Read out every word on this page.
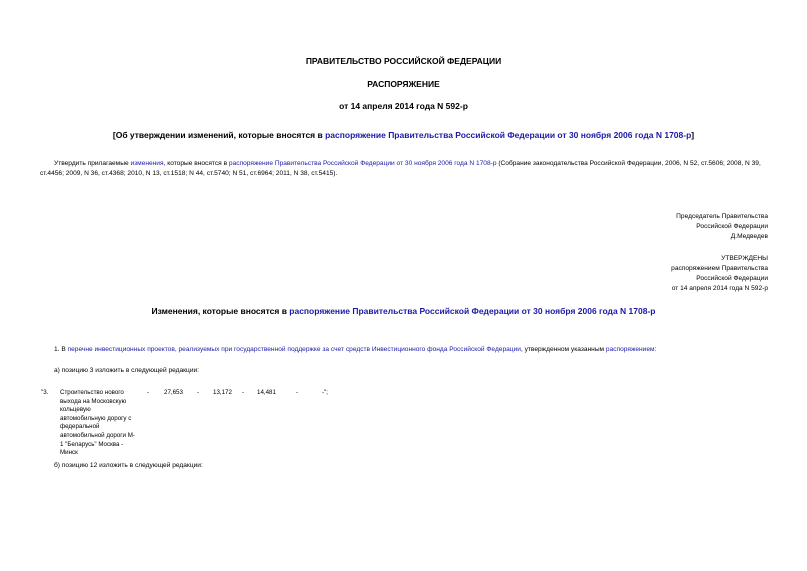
ПРАВИТЕЛЬСТВО РОССИЙСКОЙ ФЕДЕРАЦИИ
РАСПОРЯЖЕНИЕ
от 14 апреля 2014 года N 592-р
[Об утверждении изменений, которые вносятся в распоряжение Правительства Российской Федерации от 30 ноября 2006 года N 1708-р]
Утвердить прилагаемые изменения, которые вносятся в распоряжение Правительства Российской Федерации от 30 ноября 2006 года N 1708-р (Собрание законодательства Российской Федерации, 2006, N 52, ст.5606; 2008, N 39, ст.4456; 2009, N 36, ст.4368; 2010, N 13, ст.1518; N 44, ст.5740; N 51, ст.6964; 2011, N 38, ст.5415).
Председатель Правительства
Российской Федерации
Д.Медведев
УТВЕРЖДЕНЫ
распоряжением Правительства
Российской Федерации
от 14 апреля 2014 года N 592-р
Изменения, которые вносятся в распоряжение Правительства Российской Федерации от 30 ноября 2006 года N 1708-р
1. В перечне инвестиционных проектов, реализуемых при государственной поддержке за счет средств Инвестиционного фонда Российской Федерации, утвержденном указанным распоряжением:
а) позицию 3 изложить в следующей редакции:
"3. Строительство нового
выхода на Московскую
кольцевую
автомобильную дорогу с
федеральной
автомобильной дороги М-
1 "Беларусь" Москва -
Минск
- 27,653 - 13,172 - 14,481	-	-";
б) позицию 12 изложить в следующей редакции:
